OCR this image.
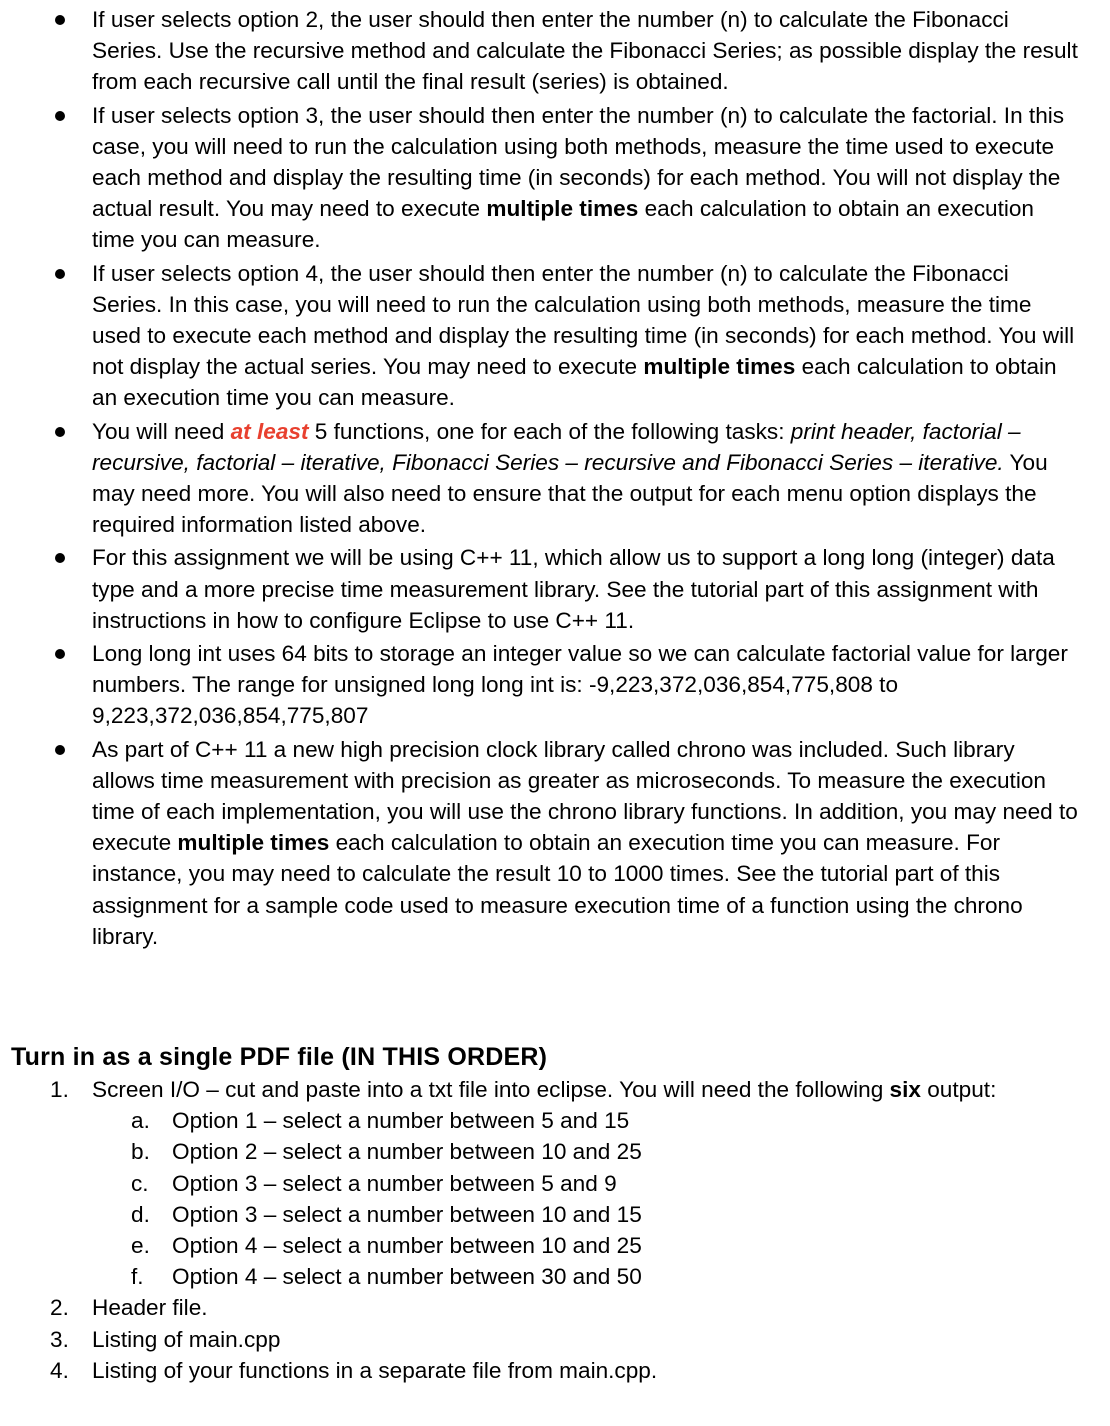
If user selects option 2, the user should then enter the number (n) to calculate the Fibonacci Series. Use the recursive method and calculate the Fibonacci Series; as possible display the result from each recursive call until the final result (series) is obtained.
If user selects option 3, the user should then enter the number (n) to calculate the factorial. In this case, you will need to run the calculation using both methods, measure the time used to execute each method and display the resulting time (in seconds) for each method. You will not display the actual result. You may need to execute multiple times each calculation to obtain an execution time you can measure.
If user selects option 4, the user should then enter the number (n) to calculate the Fibonacci Series. In this case, you will need to run the calculation using both methods, measure the time used to execute each method and display the resulting time (in seconds) for each method. You will not display the actual series. You may need to execute multiple times each calculation to obtain an execution time you can measure.
You will need at least 5 functions, one for each of the following tasks: print header, factorial – recursive, factorial – iterative, Fibonacci Series – recursive and Fibonacci Series – iterative. You may need more. You will also need to ensure that the output for each menu option displays the required information listed above.
For this assignment we will be using C++ 11, which allow us to support a long long (integer) data type and a more precise time measurement library. See the tutorial part of this assignment with instructions in how to configure Eclipse to use C++ 11.
Long long int uses 64 bits to storage an integer value so we can calculate factorial value for larger numbers. The range for unsigned long long int is: -9,223,372,036,854,775,808 to 9,223,372,036,854,775,807
As part of C++ 11 a new high precision clock library called chrono was included. Such library allows time measurement with precision as greater as microseconds. To measure the execution time of each implementation, you will use the chrono library functions. In addition, you may need to execute multiple times each calculation to obtain an execution time you can measure. For instance, you may need to calculate the result 10 to 1000 times. See the tutorial part of this assignment for a sample code used to measure execution time of a function using the chrono library.
Turn in as a single PDF file (IN THIS ORDER)
1. Screen I/O – cut and paste into a txt file into eclipse. You will need the following six output:
a. Option 1 – select a number between 5 and 15
b. Option 2 – select a number between 10 and 25
c. Option 3 – select a number between 5 and 9
d. Option 3 – select a number between 10 and 15
e. Option 4 – select a number between 10 and 25
f. Option 4 – select a number between 30 and 50
2. Header file.
3. Listing of main.cpp
4. Listing of your functions in a separate file from main.cpp.
